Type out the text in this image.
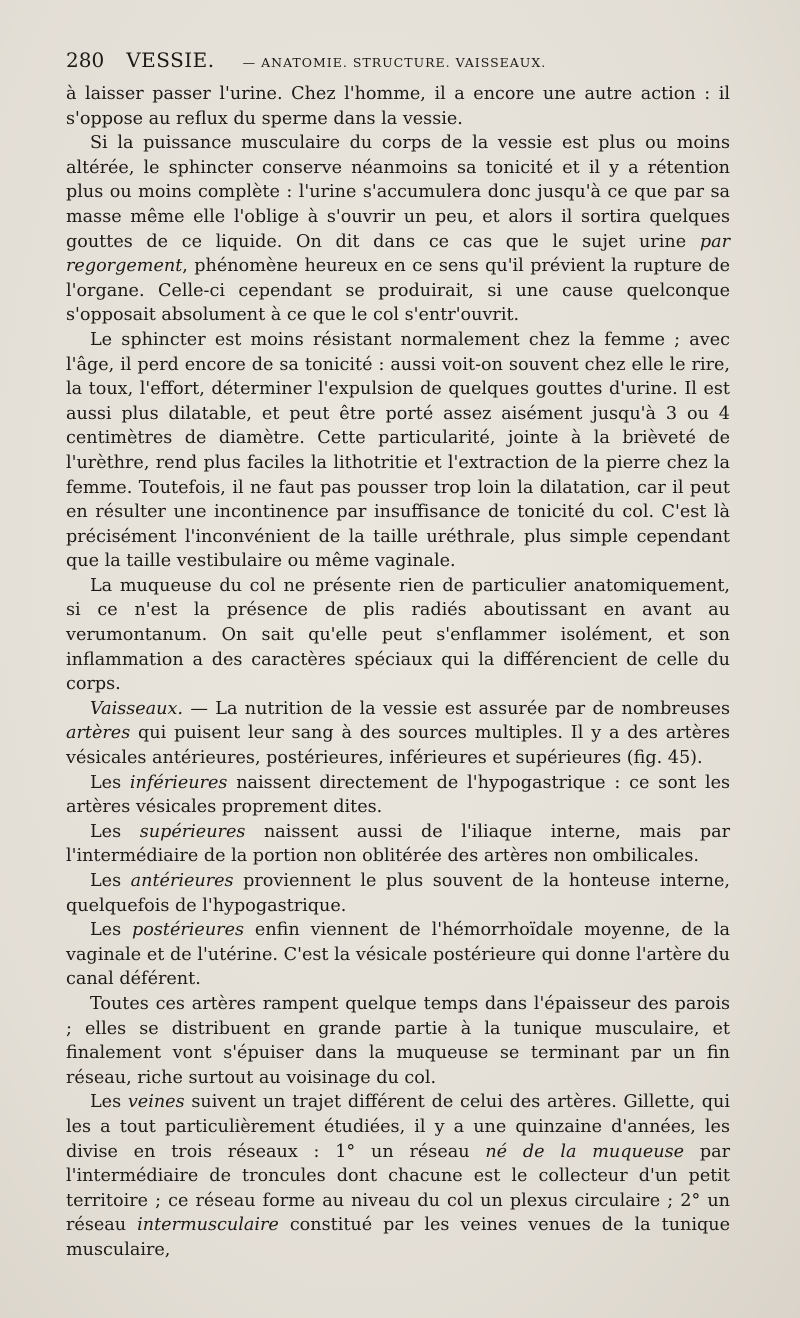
280 VESSIE. — ANATOMIE. STRUCTURE. VAISSEAUX.

à laisser passer l'urine. Chez l'homme, il a encore une autre action : il s'oppose au reflux du sperme dans la vessie.

Si la puissance musculaire du corps de la vessie est plus ou moins altérée, le sphincter conserve néanmoins sa tonicité et il y a rétention plus ou moins complète : l'urine s'accumulera donc jusqu'à ce que par sa masse même elle l'oblige à s'ouvrir un peu, et alors il sortira quelques gouttes de ce liquide. On dit dans ce cas que le sujet urine par regorgement, phénomène heureux en ce sens qu'il prévient la rupture de l'organe. Celle-ci cependant se produirait, si une cause quelconque s'opposait absolument à ce que le col s'entr'ouvrit.

Le sphincter est moins résistant normalement chez la femme ; avec l'âge, il perd encore de sa tonicité : aussi voit-on souvent chez elle le rire, la toux, l'effort, déterminer l'expulsion de quelques gouttes d'urine. Il est aussi plus dilatable, et peut être porté assez aisément jusqu'à 3 ou 4 centimètres de diamètre. Cette particularité, jointe à la brièveté de l'urèthre, rend plus faciles la lithotritie et l'extraction de la pierre chez la femme. Toutefois, il ne faut pas pousser trop loin la dilatation, car il peut en résulter une incontinence par insuffisance de tonicité du col. C'est là précisément l'inconvénient de la taille uréthrale, plus simple cependant que la taille vestibulaire ou même vaginale.

La muqueuse du col ne présente rien de particulier anatomiquement, si ce n'est la présence de plis radiés aboutissant en avant au verumontanum. On sait qu'elle peut s'enflammer isolément, et son inflammation a des caractères spéciaux qui la différencient de celle du corps.

Vaisseaux. — La nutrition de la vessie est assurée par de nombreuses artères qui puisent leur sang à des sources multiples. Il y a des artères vésicales antérieures, postérieures, inférieures et supérieures (fig. 45).

Les inférieures naissent directement de l'hypogastrique : ce sont les artères vésicales proprement dites.

Les supérieures naissent aussi de l'iliaque interne, mais par l'intermédiaire de la portion non oblitérée des artères non ombilicales.

Les antérieures proviennent le plus souvent de la honteuse interne, quelquefois de l'hypogastrique.

Les postérieures enfin viennent de l'hémorrhoïdale moyenne, de la vaginale et de l'utérine. C'est la vésicale postérieure qui donne l'artère du canal déférent.

Toutes ces artères rampent quelque temps dans l'épaisseur des parois ; elles se distribuent en grande partie à la tunique musculaire, et finalement vont s'épuiser dans la muqueuse se terminant par un fin réseau, riche surtout au voisinage du col.

Les veines suivent un trajet différent de celui des artères. Gillette, qui les a tout particulièrement étudiées, il y a une quinzaine d'années, les divise en trois réseaux : 1° un réseau né de la muqueuse par l'intermédiaire de troncules dont chacune est le collecteur d'un petit territoire ; ce réseau forme au niveau du col un plexus circulaire ; 2° un réseau intermusculaire constitué par les veines venues de la tunique musculaire,
